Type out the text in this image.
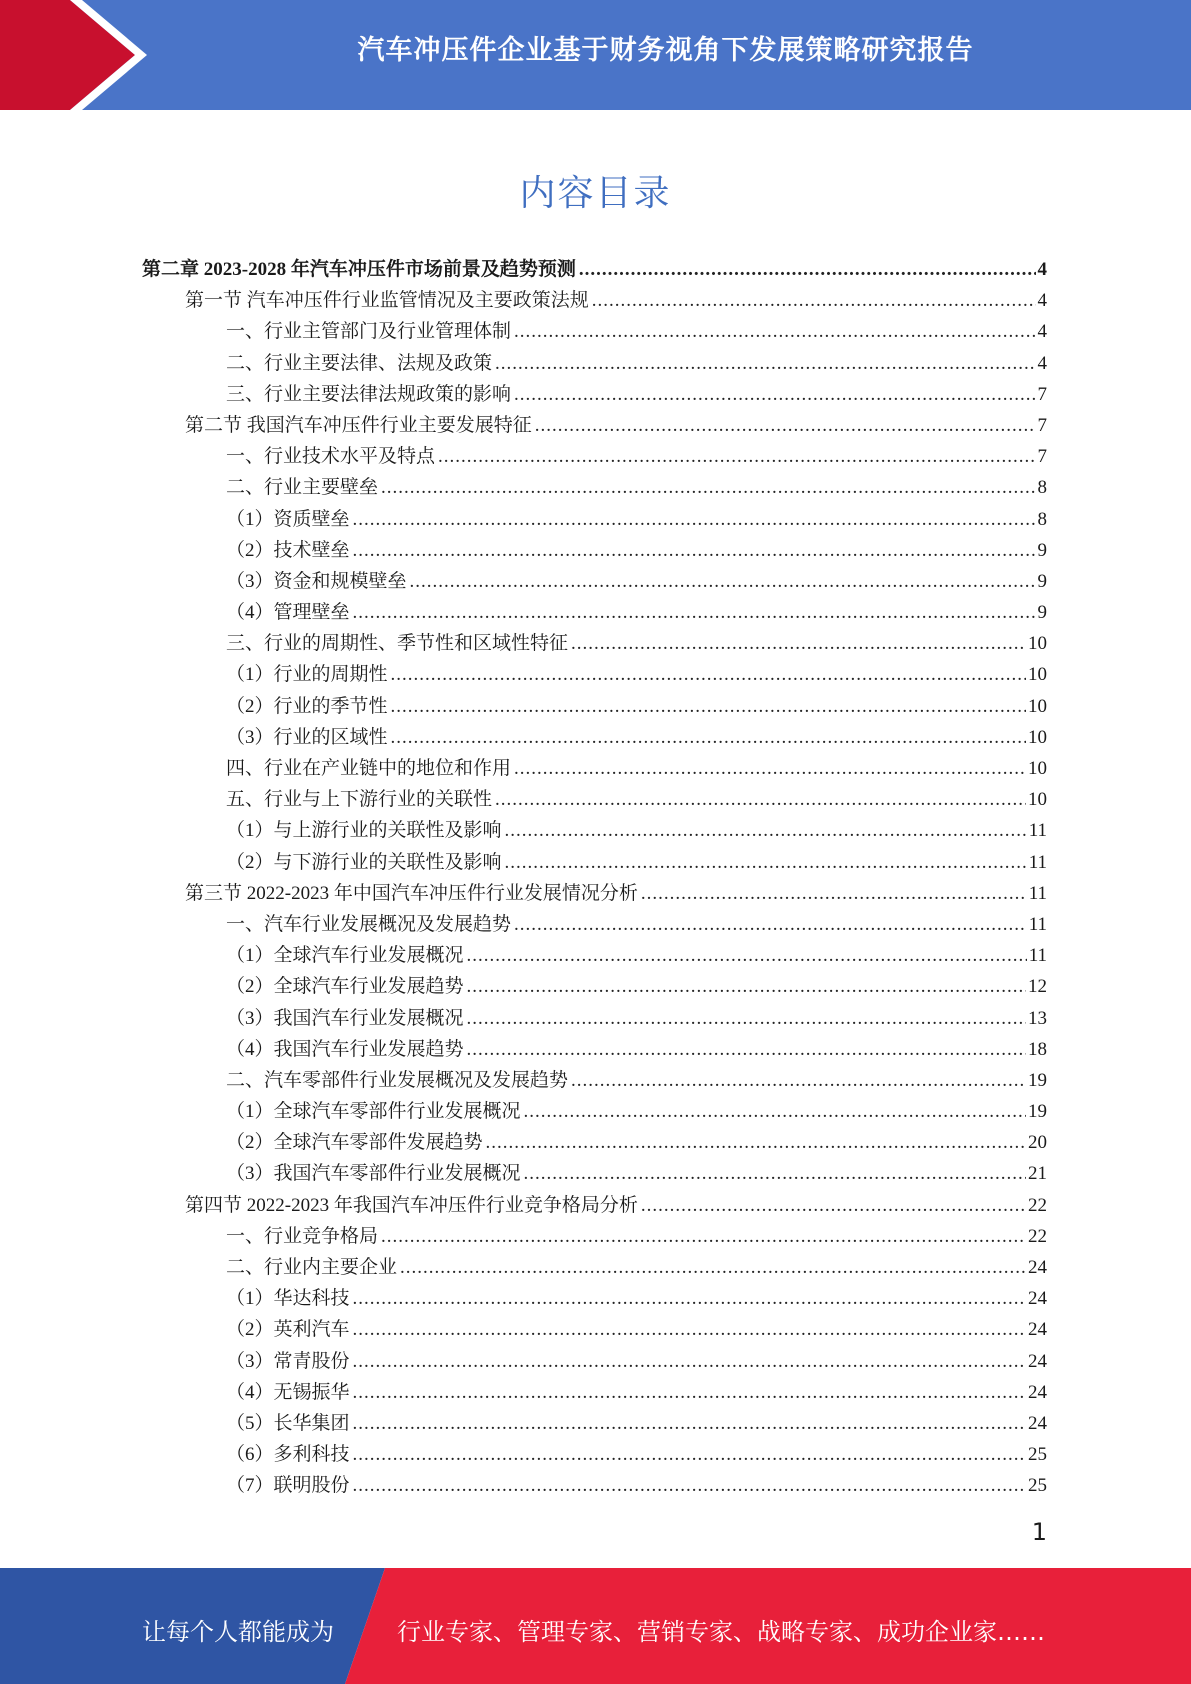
汽车冲压件企业基于财务视角下发展策略研究报告
内容目录
第二章 2023-2028 年汽车冲压件市场前景及趋势预测 .....	4
第一节 汽车冲压件行业监管情况及主要政策法规 .....	4
一、行业主管部门及行业管理体制 .....	4
二、行业主要法律、法规及政策 .....	4
三、行业主要法律法规政策的影响 .....	7
第二节 我国汽车冲压件行业主要发展特征 .....	7
一、行业技术水平及特点 .....	7
二、行业主要壁垒 .....	8
（1）资质壁垒 .....	8
（2）技术壁垒 .....	9
（3）资金和规模壁垒 .....	9
（4）管理壁垒 .....	9
三、行业的周期性、季节性和区域性特征 .....	10
（1）行业的周期性 .....	10
（2）行业的季节性 .....	10
（3）行业的区域性 .....	10
四、行业在产业链中的地位和作用 .....	10
五、行业与上下游行业的关联性 .....	10
（1）与上游行业的关联性及影响 .....	11
（2）与下游行业的关联性及影响 .....	11
第三节 2022-2023 年中国汽车冲压件行业发展情况分析 .....	11
一、汽车行业发展概况及发展趋势 .....	11
（1）全球汽车行业发展概况 .....	11
（2）全球汽车行业发展趋势 .....	12
（3）我国汽车行业发展概况 .....	13
（4）我国汽车行业发展趋势 .....	18
二、汽车零部件行业发展概况及发展趋势 .....	19
（1）全球汽车零部件行业发展概况 .....	19
（2）全球汽车零部件发展趋势 .....	20
（3）我国汽车零部件行业发展概况 .....	21
第四节 2022-2023 年我国汽车冲压件行业竞争格局分析 .....	22
一、行业竞争格局 .....	22
二、行业内主要企业 .....	24
（1）华达科技 .....	24
（2）英利汽车 .....	24
（3）常青股份 .....	24
（4）无锡振华 .....	24
（5）长华集团 .....	24
（6）多利科技 .....	25
（7）联明股份 .....	25
1
让每个人都能成为	行业专家、管理专家、营销专家、战略专家、成功企业家……
